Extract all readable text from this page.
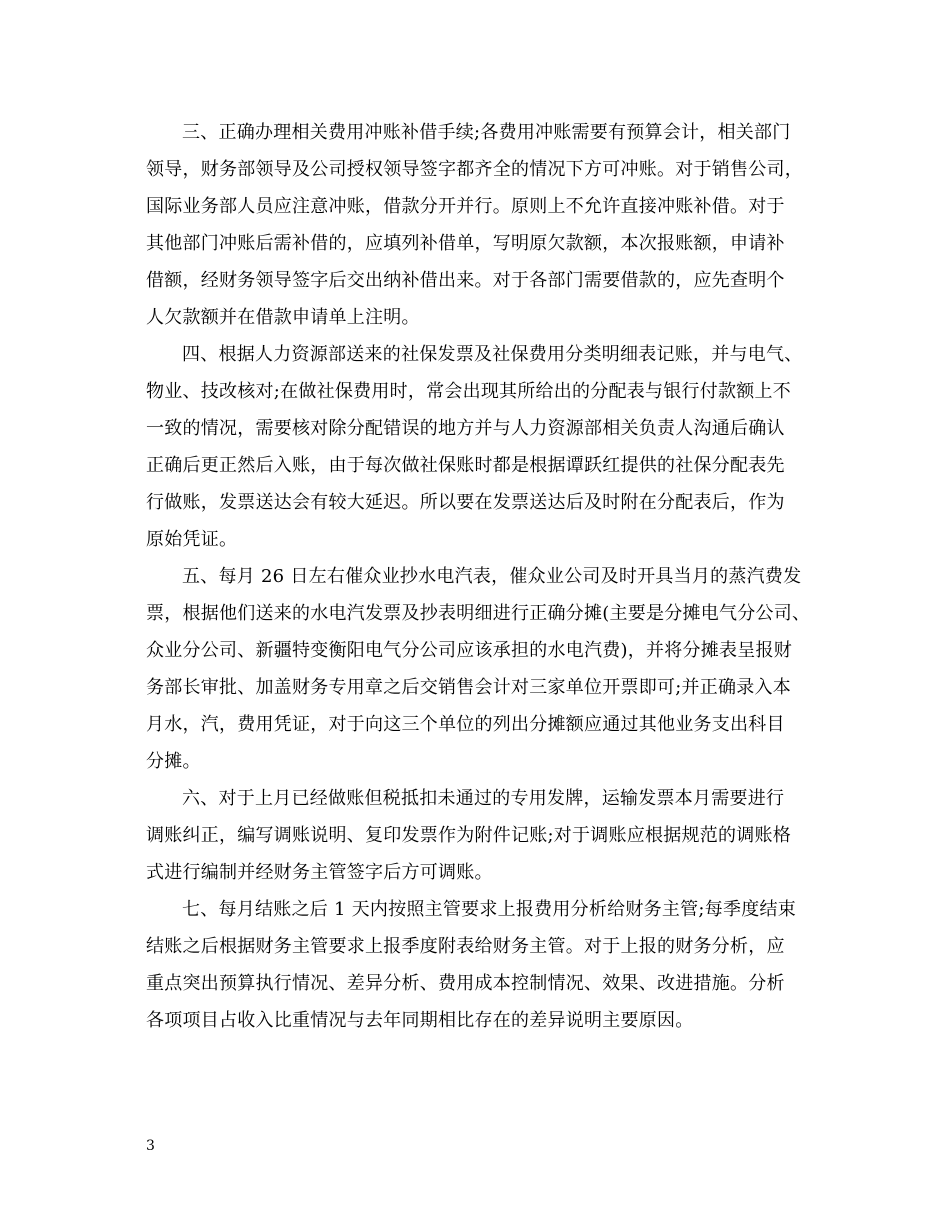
三、正确办理相关费用冲账补借手续;各费用冲账需要有预算会计，相关部门
领导，财务部领导及公司授权领导签字都齐全的情况下方可冲账。对于销售公司，
国际业务部人员应注意冲账，借款分开并行。原则上不允许直接冲账补借。对于
其他部门冲账后需补借的，应填列补借单，写明原欠款额，本次报账额，申请补
借额，经财务领导签字后交出纳补借出来。对于各部门需要借款的，应先查明个
人欠款额并在借款申请单上注明。
四、根据人力资源部送来的社保发票及社保费用分类明细表记账，并与电气、
物业、技改核对;在做社保费用时，常会出现其所给出的分配表与银行付款额上不
一致的情况，需要核对除分配错误的地方并与人力资源部相关负责人沟通后确认
正确后更正然后入账，由于每次做社保账时都是根据谭跃红提供的社保分配表先
行做账，发票送达会有较大延迟。所以要在发票送达后及时附在分配表后，作为
原始凭证。
五、每月 26 日左右催众业抄水电汽表，催众业公司及时开具当月的蒸汽费发
票，根据他们送来的水电汽发票及抄表明细进行正确分摊(主要是分摊电气分公司、
众业分公司、新疆特变衡阳电气分公司应该承担的水电汽费)，并将分摊表呈报财
务部长审批、加盖财务专用章之后交销售会计对三家单位开票即可;并正确录入本
月水，汽，费用凭证，对于向这三个单位的列出分摊额应通过其他业务支出科目
分摊。
六、对于上月已经做账但税抵扣未通过的专用发牌，运输发票本月需要进行
调账纠正，编写调账说明、复印发票作为附件记账;对于调账应根据规范的调账格
式进行编制并经财务主管签字后方可调账。
七、每月结账之后 1 天内按照主管要求上报费用分析给财务主管;每季度结束
结账之后根据财务主管要求上报季度附表给财务主管。对于上报的财务分析，应
重点突出预算执行情况、差异分析、费用成本控制情况、效果、改进措施。分析
各项项目占收入比重情况与去年同期相比存在的差异说明主要原因。
3
